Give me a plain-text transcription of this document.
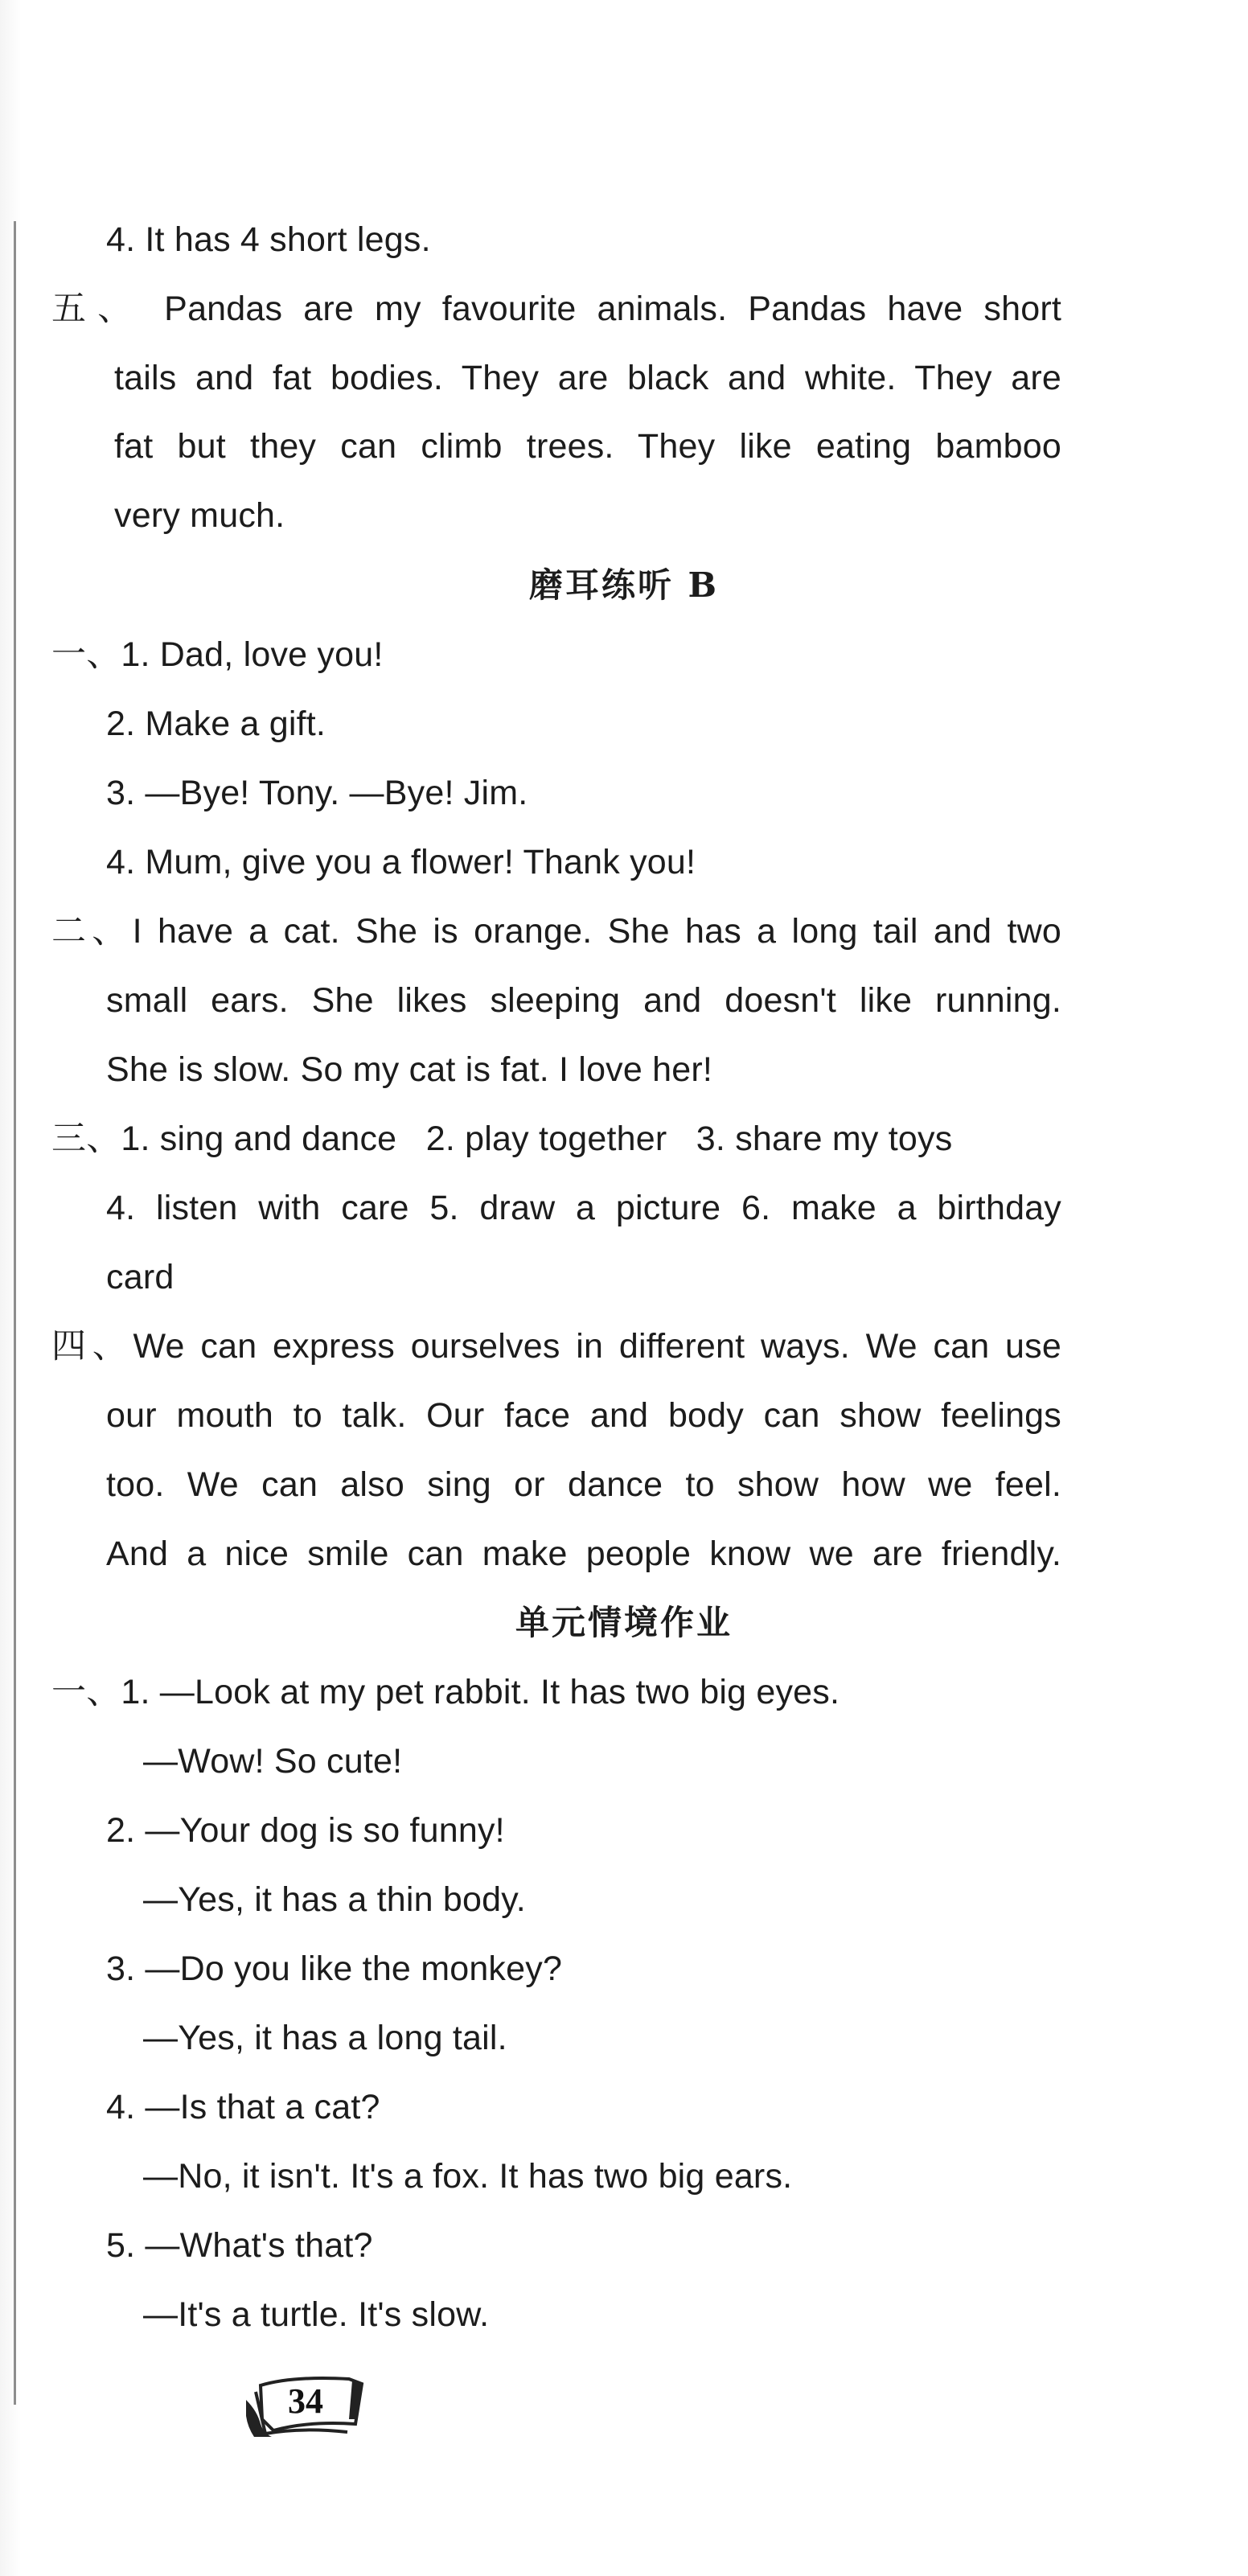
4. It has 4 short legs.
五、 Pandas are my favourite animals. Pandas have short
tails and fat bodies. They are black and white. They are
fat but they can climb trees. They like eating bamboo
very much.
磨耳练听 B
一、1. Dad, love you!
2. Make a gift.
3. —Bye! Tony. —Bye! Jim.
4. Mum, give you a flower! Thank you!
二、I have a cat. She is orange. She has a long tail and two
small ears. She likes sleeping and doesn't like running.
She is slow. So my cat is fat. I love her!
三、1. sing and dance   2. play together   3. share my toys
4. listen with care 5. draw a picture 6. make a birthday
card
四、We can express ourselves in different ways. We can use
our mouth to talk. Our face and body can show feelings
too. We can also sing or dance to show how we feel.
And a nice smile can make people know we are friendly.
单元情境作业
一、1. —Look at my pet rabbit. It has two big eyes.
—Wow! So cute!
2. —Your dog is so funny!
—Yes, it has a thin body.
3. —Do you like the monkey?
—Yes, it has a long tail.
4. —Is that a cat?
—No, it isn't. It's a fox. It has two big ears.
5. —What's that?
—It's a turtle. It's slow.
34
